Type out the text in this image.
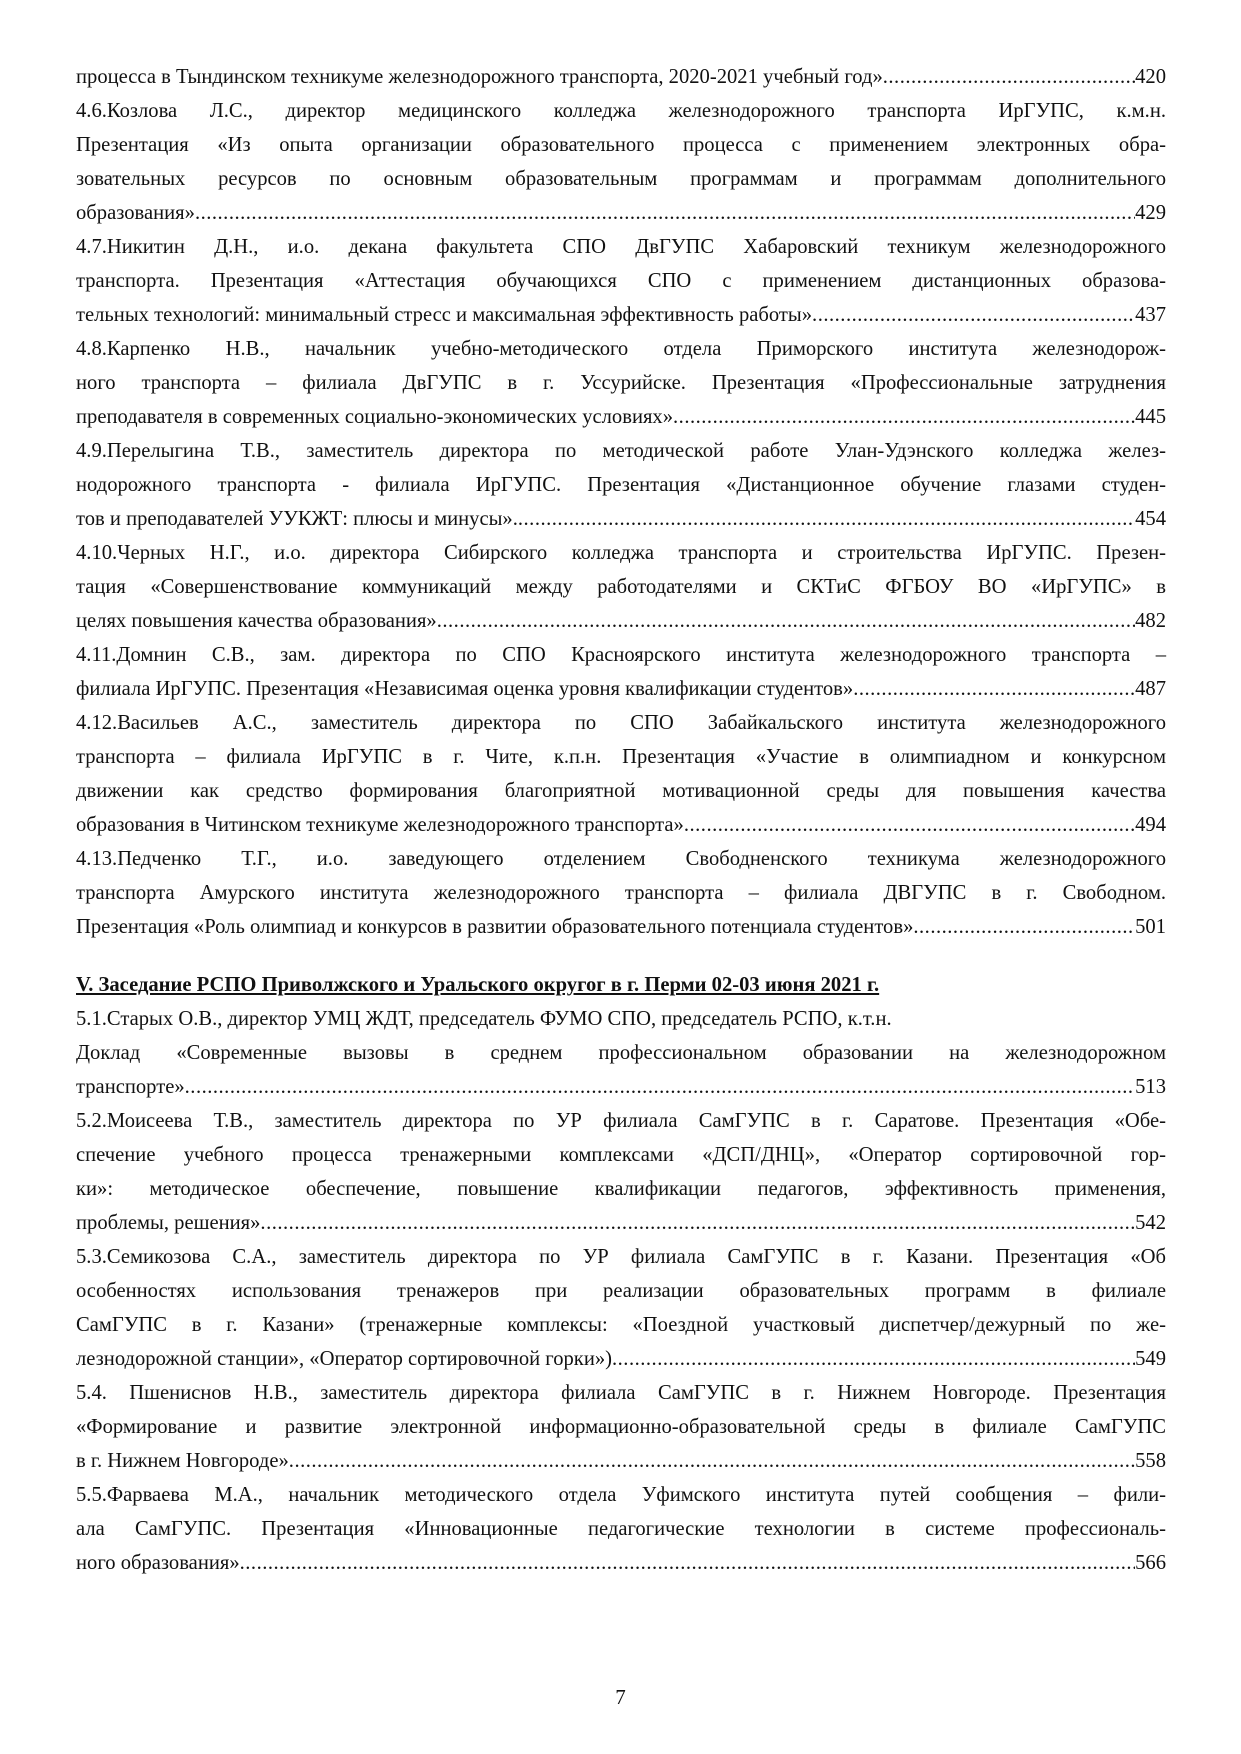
процесса в Тындинском техникуме железнодорожного транспорта, 2020-2021 учебный год» .....	420
4.6.Козлова Л.С., директор медицинского колледжа железнодорожного транспорта ИрГУПС, к.м.н.
Презентация «Из опыта организации образовательного процесса с применением электронных обра-
зовательных ресурсов по основным образовательным программам и программам дополнительного
образования» .....	429
4.7.Никитин Д.Н., и.о. декана факультета СПО ДвГУПС Хабаровский техникум железнодорожного
транспорта. Презентация «Аттестация обучающихся СПО с применением дистанционных образова-
тельных технологий: минимальный стресс и максимальная эффективность работы» .....	437
4.8.Карпенко Н.В., начальник учебно-методического отдела Приморского института железнодорож-
ного транспорта – филиала ДвГУПС в г. Уссурийске. Презентация «Профессиональные затруднения
преподавателя в современных социально-экономических условиях» .....	445
4.9.Перелыгина Т.В., заместитель директора по методической работе Улан-Удэнского колледжа желез-
нодорожного транспорта - филиала ИрГУПС. Презентация «Дистанционное обучение глазами студен-
тов и преподавателей УУКЖТ: плюсы и минусы». .....	454
4.10.Черных Н.Г., и.о. директора Сибирского колледжа транспорта и строительства ИрГУПС. Презен-
тация «Совершенствование коммуникаций между работодателями и СКТиС ФГБОУ ВО «ИрГУПС» в
целях повышения качества образования» .....	482
4.11.Домнин С.В., зам. директора по СПО Красноярского института железнодорожного транспорта –
филиала ИрГУПС. Презентация «Независимая оценка уровня квалификации студентов» .....	487
4.12.Васильев А.С., заместитель директора по СПО Забайкальского института железнодорожного
транспорта – филиала ИрГУПС в г. Чите, к.п.н. Презентация «Участие в олимпиадном и конкурсном
движении как средство формирования благоприятной мотивационной среды для повышения качества
образования в Читинском техникуме железнодорожного транспорта» .....	494
4.13.Педченко Т.Г., и.о. заведующего отделением Свободненского техникума железнодорожного
транспорта Амурского института железнодорожного транспорта – филиала ДВГУПС в г. Свободном.
Презентация «Роль олимпиад и конкурсов в развитии образовательного потенциала студентов» .....	501
V. Заседание РСПО Приволжского и Уральского округог в г. Перми 02-03 июня 2021 г.
5.1.Старых О.В., директор УМЦ ЖДТ, председатель ФУМО СПО, председатель РСПО, к.т.н.
Доклад «Современные вызовы в среднем профессиональном образовании на железнодорожном
транспорте» .....	513
5.2.Моисеева Т.В., заместитель директора по УР филиала СамГУПС в г. Саратове. Презентация «Обе-
спечение учебного процесса тренажерными комплексами «ДСП/ДНЦ», «Оператор сортировочной гор-
ки»: методическое обеспечение, повышение квалификации педагогов, эффективность применения,
проблемы, решения» .....	542
5.3.Семикозова С.А., заместитель директора по УР филиала СамГУПС в г. Казани. Презентация «Об
особенностях использования тренажеров при реализации образовательных программ в филиале
СамГУПС в г. Казани» (тренажерные комплексы: «Поездной участковый диспетчер/дежурный по же-
лезнодорожной станции», «Оператор сортировочной горки») .....	549
5.4. Пшениснов Н.В., заместитель директора филиала СамГУПС в г. Нижнем Новгороде. Презентация
«Формирование и развитие электронной информационно-образовательной среды в филиале СамГУПС
в г. Нижнем Новгороде» .....	558
5.5.Фарваева М.А., начальник методического отдела Уфимского института путей сообщения – фили-
ала СамГУПС. Презентация «Инновационные педагогические технологии в системе профессиональ-
ного образования» .....	566
7
